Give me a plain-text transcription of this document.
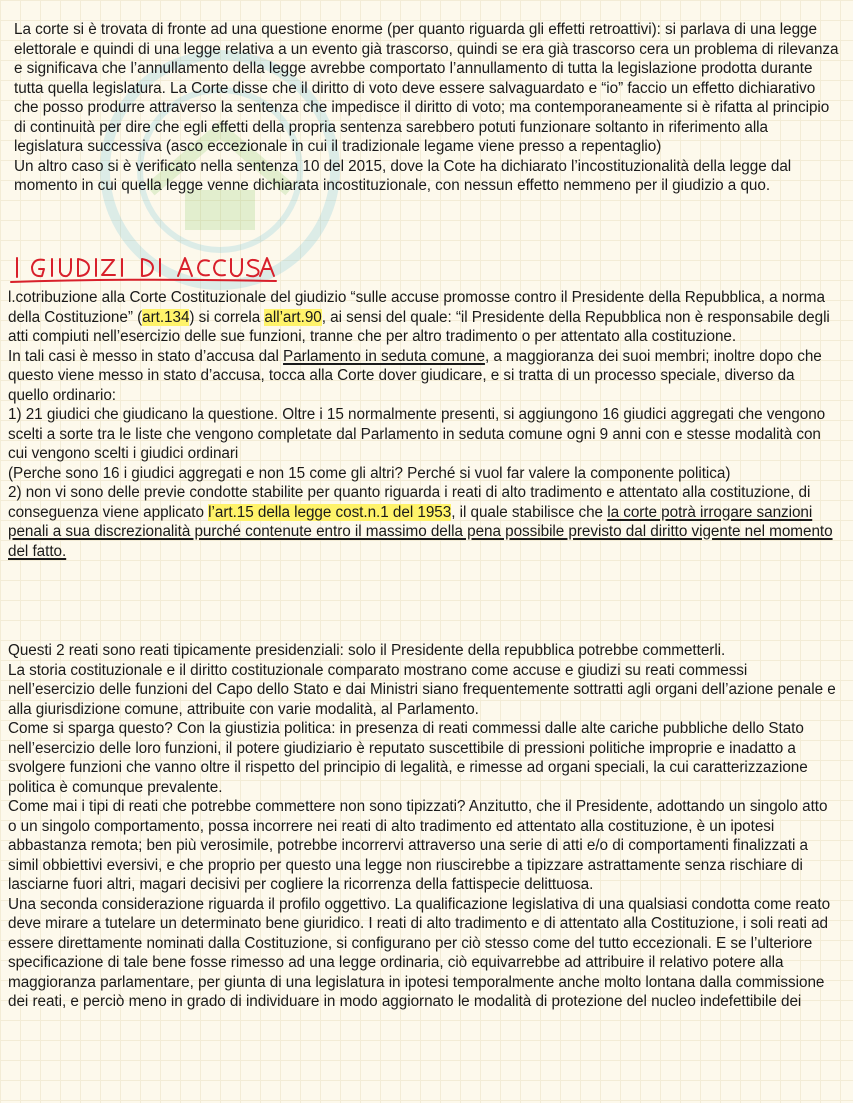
La corte si è trovata di fronte ad una questione enorme (per quanto riguarda gli effetti retroattivi): si parlava di una legge elettorale e quindi di una legge relativa a un evento già trascorso, quindi se era già trascorso cera un problema di rilevanza e significava che l’annullamento della legge avrebbe comportato l’annullamento di tutta la legislazione prodotta durante tutta quella legislatura. La Corte disse che il diritto di voto deve essere salvaguardato e “io” faccio un effetto dichiarativo che posso produrre attraverso la sentenza che impedisce il diritto di voto; ma contemporaneamente si è rifatta al principio di continuità per dire che egli effetti della propria sentenza sarebbero potuti funzionare soltanto in riferimento alla legislatura successiva (asco eccezionale in cui il tradizionale legame viene presso a repentaglio)

Un altro caso si è verificato nella sentenza 10 del 2015, dove la Cote ha dichiarato l’incostituzionalità della legge dal momento in cui quella legge venne dichiarata incostituzionale, con nessun effetto nemmeno per il giudizio a quo.

l.cotribuzione alla Corte Costituzionale del giudizio “sulle accuse promosse contro il Presidente della Repubblica, a norma della Costituzione” (art.134) si correla all’art.90, ai sensi del quale: “il Presidente della Repubblica non è responsabile degli atti compiuti nell’esercizio delle sue funzioni, tranne che per altro tradimento o per attentato alla costituzione.

In tali casi è messo in stato d’accusa dal Parlamento in seduta comune, a maggioranza dei suoi membri; inoltre dopo che questo viene messo in stato d’accusa, tocca alla Corte dover giudicare, e si tratta di un processo speciale, diverso da quello ordinario:

1) 21 giudici che giudicano la questione. Oltre i 15 normalmente presenti, si aggiungono 16 giudici aggregati che vengono scelti a sorte tra le liste che vengono completate dal Parlamento in seduta comune ogni 9 anni con e stesse modalità con cui vengono scelti i giudici ordinari

(Perche sono 16 i giudici aggregati e non 15 come gli altri? Perché si vuol far valere la componente politica)

2) non vi sono delle previe condotte stabilite per quanto riguarda i reati di alto tradimento e attentato alla costituzione, di conseguenza viene applicato l’art.15 della legge cost.n.1 del 1953, il quale stabilisce che la corte potrà irrogare sanzioni penali a sua discrezionalità purché contenute entro il massimo della pena possibile previsto dal diritto vigente nel momento del fatto.

Questi 2 reati sono reati tipicamente presidenziali: solo il Presidente della repubblica potrebbe commetterli.

La storia costituzionale e il diritto costituzionale comparato mostrano come accuse e giudizi su reati commessi nell’esercizio delle funzioni del Capo dello Stato e dai Ministri siano frequentemente sottratti agli organi dell’azione penale e alla giurisdizione comune, attribuite con varie modalità, al Parlamento.

Come si sparga questo? Con la giustizia politica: in presenza di reati commessi dalle alte cariche pubbliche dello Stato nell’esercizio delle loro funzioni, il potere giudiziario è reputato suscettibile di pressioni politiche improprie e inadatto a svolgere funzioni che vanno oltre il rispetto del principio di legalità, e rimesse ad organi speciali, la cui caratterizzazione politica è comunque prevalente.

Come mai i tipi di reati che potrebbe commettere non sono tipizzati? Anzitutto, che il Presidente, adottando un singolo atto o un singolo comportamento, possa incorrere nei reati di alto tradimento ed attentato alla costituzione, è un ipotesi abbastanza remota; ben più verosimile, potrebbe incorrervi attraverso una serie di atti e/o di comportamenti finalizzati a simil obbiettivi eversivi, e che proprio per questo una legge non riuscirebbe a tipizzare astrattamente senza rischiare di lasciarne fuori altri, magari decisivi per cogliere la ricorrenza della fattispecie delittuosa.

Una seconda considerazione riguarda il profilo oggettivo. La qualificazione legislativa di una qualsiasi condotta come reato deve mirare a tutelare un determinato bene giuridico. I reati di alto tradimento e di attentato alla Costituzione, i soli reati ad essere direttamente nominati dalla Costituzione, si configurano per ciò stesso come del tutto eccezionali. E se l’ulteriore specificazione di tale bene fosse rimesso ad una legge ordinaria, ciò equivarrebbe ad attribuire il relativo potere alla maggioranza parlamentare, per giunta di una legislatura in ipotesi temporalmente anche molto lontana dalla commissione dei reati, e perciò meno in grado di individuare in modo aggiornato le modalità di protezione del nucleo indefettibile dei
